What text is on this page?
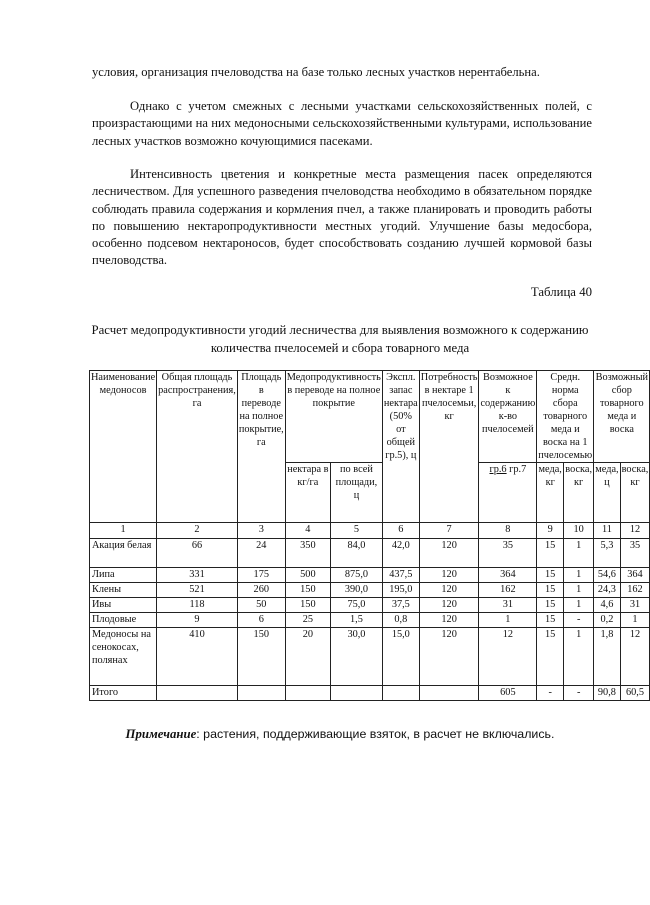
условия, организация пчеловодства на базе только лесных участков нерентабельна.

Однако с учетом смежных с лесными участками сельскохозяйственных полей, с произрастающими на них медоносными сельскохозяйственными культурами, использование лесных участков возможно кочующимися пасеками.

Интенсивность цветения и конкретные места размещения пасек определяются лесничеством. Для успешного разведения пчеловодства необходимо в обязательном порядке соблюдать правила содержания и кормления пчел, а также планировать и проводить работы по повышению нектаропродуктивности местных угодий. Улучшение базы медосбора, особенно подсевом нектароносов, будет способствовать созданию лучшей кормовой базы пчеловодства.

Таблица 40

Расчет медопродуктивности угодий лесничества для выявления возможного к содержанию количества пчелосемей и сбора товарного меда

Наименование медоносов	Общая площадь распространения, га	Площадь в переводе на полное покрытие, га	Медопродуктивность в переводе на полное покрытие		Экспл. запас нектара (50% от общей гр.5), ц	Потребность в нектаре 1 пчелосемьи, кг	Возможное к содержанию к-во пчелосемей	Средн. норма сбора товарного меда и воска на 1 пчелосемью		Возможный сбор товарного меда и воска	
			нектара в кг/га	по всей площади, ц			гр.6 гр.7	меда, кг	воска, кг	меда, ц	воска, кг
1	2	3	4	5	6	7	8	9	10	11	12
Акация белая	66	24	350	84,0	42,0	120	35	15	1	5,3	35
Липа	331	175	500	875,0	437,5	120	364	15	1	54,6	364
Клены	521	260	150	390,0	195,0	120	162	15	1	24,3	162
Ивы	118	50	150	75,0	37,5	120	31	15	1	4,6	31
Плодовые	9	6	25	1,5	0,8	120	1	15	-	0,2	1
Медоносы на сенокосах, полянах	410	150	20	30,0	15,0	120	12	15	1	1,8	12
Итого							605	-	-	90,8	60,5

Примечание: растения, поддерживающие взяток, в расчет не включались.
